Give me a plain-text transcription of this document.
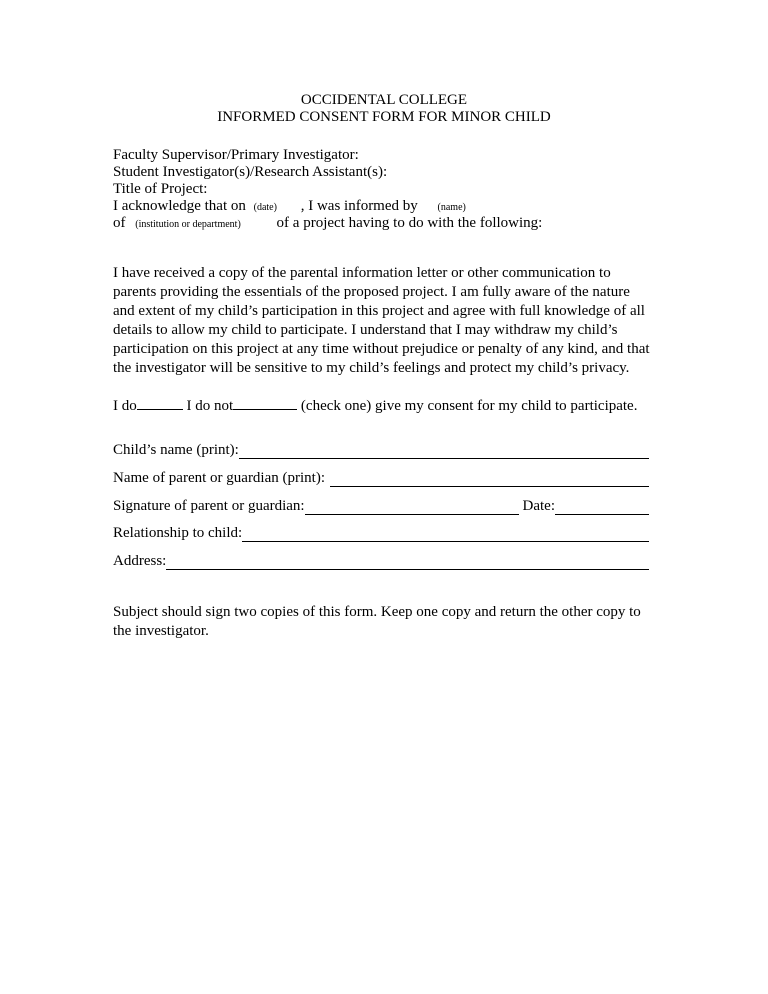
OCCIDENTAL COLLEGE
INFORMED CONSENT FORM FOR MINOR CHILD
Faculty Supervisor/Primary Investigator:
Student Investigator(s)/Research Assistant(s):
Title of Project:
I acknowledge that on (date) , I was informed by (name)
of (institution or department) of a project having to do with the following:
I have received a copy of the parental information letter or other communication to parents providing the essentials of the proposed project. I am fully aware of the nature and extent of my child’s participation in this project and agree with full knowledge of all details to allow my child to participate. I understand that I may withdraw my child’s participation on this project at any time without prejudice or penalty of any kind, and that the investigator will be sensitive to my child’s feelings and protect my child’s privacy.
I do	I do not	(check one) give my consent for my child to participate.
Child’s name (print):
Name of parent or guardian (print):
Signature of parent or guardian:	Date:
Relationship to child:
Address:
Subject should sign two copies of this form. Keep one copy and return the other copy to the investigator.
